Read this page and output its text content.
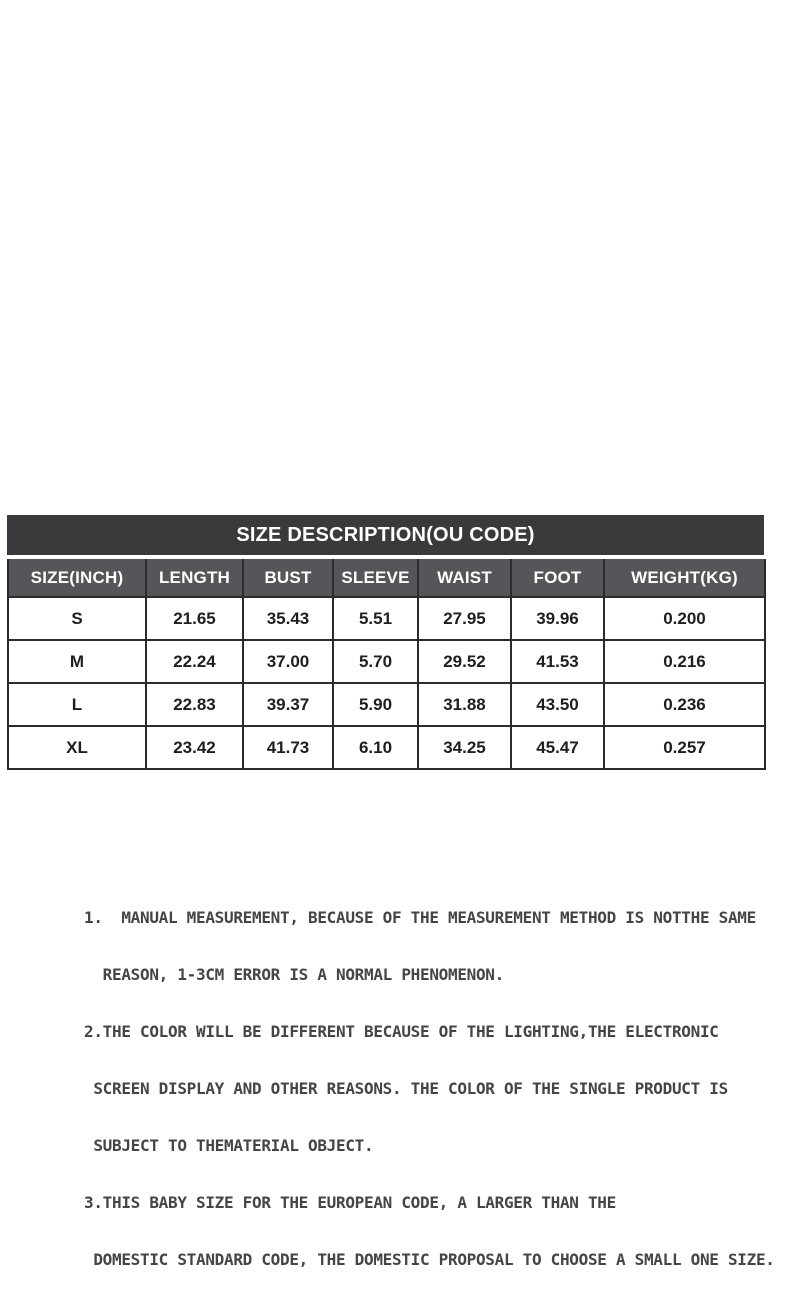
SIZE DESCRIPTION(OU CODE)
SIZE(INCH)	LENGTH	BUST	SLEEVE	WAIST	FOOT	WEIGHT(KG)
S	21.65	35.43	5.51	27.95	39.96	0.200
M	22.24	37.00	5.70	29.52	41.53	0.216
L	22.83	39.37	5.90	31.88	43.50	0.236
XL	23.42	41.73	6.10	34.25	45.47	0.257

1.  MANUAL MEASUREMENT, BECAUSE OF THE MEASUREMENT METHOD IS NOTTHE SAME

REASON, 1-3CM ERROR IS A NORMAL PHENOMENON.

2.THE COLOR WILL BE DIFFERENT BECAUSE OF THE LIGHTING,THE ELECTRONIC

SCREEN DISPLAY AND OTHER REASONS. THE COLOR OF THE SINGLE PRODUCT IS

SUBJECT TO THEMATERIAL OBJECT.

3.THIS BABY SIZE FOR THE EUROPEAN CODE, A LARGER THAN THE

DOMESTIC STANDARD CODE, THE DOMESTIC PROPOSAL TO CHOOSE A SMALL ONE SIZE.
